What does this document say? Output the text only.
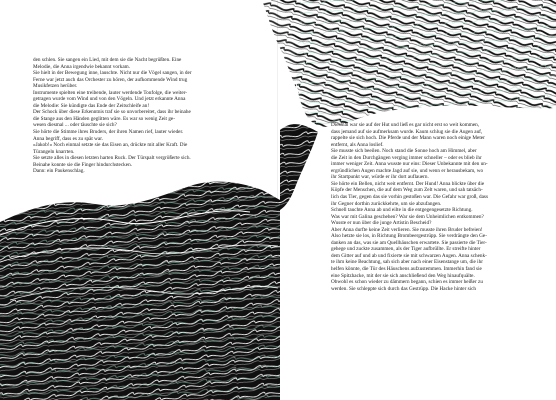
den schlen. Sie sangen ein Lied, mit dem sie die Nacht begrüßten. Eine

Melodie, die Anna irgendwie bekannt vorkam.

Sie hielt in der Bewegung inne, lauschte. Nicht nur die Vögel sangen, in der

Ferne war jetzt auch das Orchester zu hören, der aufkommende Wind trug

Musikfetzen herüber.

Instrumente spielten eine treibende, lauter werdende Tonfolge, die weiter-

getragen wurde vom Wind und von den Vögeln. Und jetzt erkannte Anna

die Melodie: Sie kündigte das Ende der Zeitschleife an!

Der Schock über diese Erkenntnis traf sie so unvorbereitet, dass ihr beinahe

die Stange aus den Händen geglitten wäre. Es war so wenig Zeit ge-

wesen diesmal ... oder täuschte sie sich?

Sie hörte die Stimme ihres Bruders, der ihren Namen rief, lauter wieder.

Anna begriff, dass es zu spät war.

»Jakob!« Noch einmal setzte sie das Eisen an, drückte mit aller Kraft. Die

Türangeln knarrten.

Sie setzte alles in diesen letzten harten Ruck. Der Türspalt vergrößerte sich.

Beinahe konnte sie die Finger hindurchstecken.

Dann: ein Paukenschlag.

Diesmal war sie auf der Hut und ließ es gar nicht erst so weit kommen,

dass jemand auf sie aufmerksam wurde. Kaum schlug sie die Augen auf,

rappelte sie sich hoch. Die Pferde und der Mann waren noch einige Meter

entfernt, als Anna loslief.

Sie musste sich beeilen. Noch stand die Sonne hoch am Himmel, aber

die Zeit in den Durchgängen verging immer schneller – oder es blieb ihr

immer weniger Zeit. Anna wusste nur eins: Dieser Unbekannte mit den un-

ergründlichen Augen machte Jagd auf sie, und wenn er herausbekam, wo

ihr Startpunkt war, würde er ihr dort auflauern.

Sie hörte ein Bellen, nicht weit entfernt. Der Hund! Anna blickte über die

Köpfe der Menschen, die auf dem Weg zum Zelt waren, und sah tatsäch-

lich das Tier, gegen das sie vorhin gestoßen war. Die Gefahr war groß, dass

ihr Gegner dorthin zurückkehrte, um sie abzufangen.

Schnell tauchte Anna ab und eilte in die entgegengesetzte Richtung.

Was war mit Galina geschehen? War sie dem Unheimlichen entkommen?

Wusste er nun über die junge Artistin Bescheid?

Aber Anna durfte keine Zeit verlieren. Sie musste ihren Bruder befreien!

Also hetzte sie los, in Richtung Brombeergestrüpp. Sie verdrängte den Ge-

danken an das, was sie am Quellhäuschen erwartete. Sie passierte die Tier-

gehege und zuckte zusammen, als der Tiger aufbrüllte. Er streifte hinter

dem Gitter auf und ab und fixierte sie mit schwarzen Augen. Anna schenk-

te ihm keine Beachtung, sah sich aber nach einer Eisenstange um, die ihr

helfen könnte, die Tür des Häuschens aufzustemmen. Immerhin fand sie

eine Spitzhacke, mit der sie sich anschließend den Weg hinaufquälte.

Obwohl es schon wieder zu dämmern begann, schien es immer heißer zu

werden. Sie schleppte sich durch das Gestrüpp. Die Hacke hinter sich
